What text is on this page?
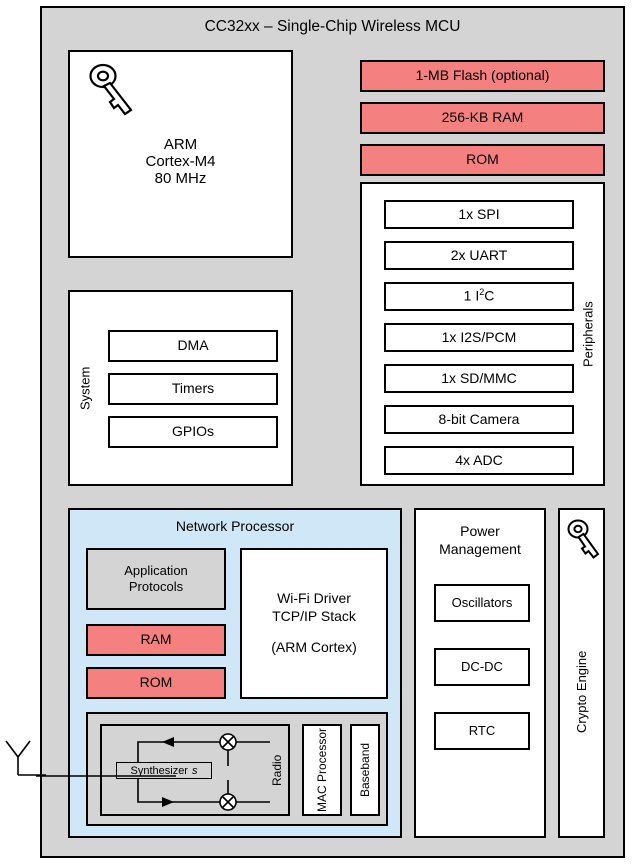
CC32xx – Single-Chip Wireless MCU
ARM
Cortex-M4
80 MHz
1-MB Flash (optional)
256-KB RAM
ROM
Peripherals
1x SPI
2x UART
1 $I^2C$
1x I2S/PCM
1x SD/MMC
8-bit Camera
4x ADC
System
DMA
Timers
GPIOs
Network Processor
Application
Protocols
RAM
ROM
Wi-Fi Driver
TCP/IP Stack
(ARM Cortex)
Synthesizer s	Radio	MAC Processor	Baseband
Power
Management
Oscillators
DC-DC
RTC	Crypto Engine
